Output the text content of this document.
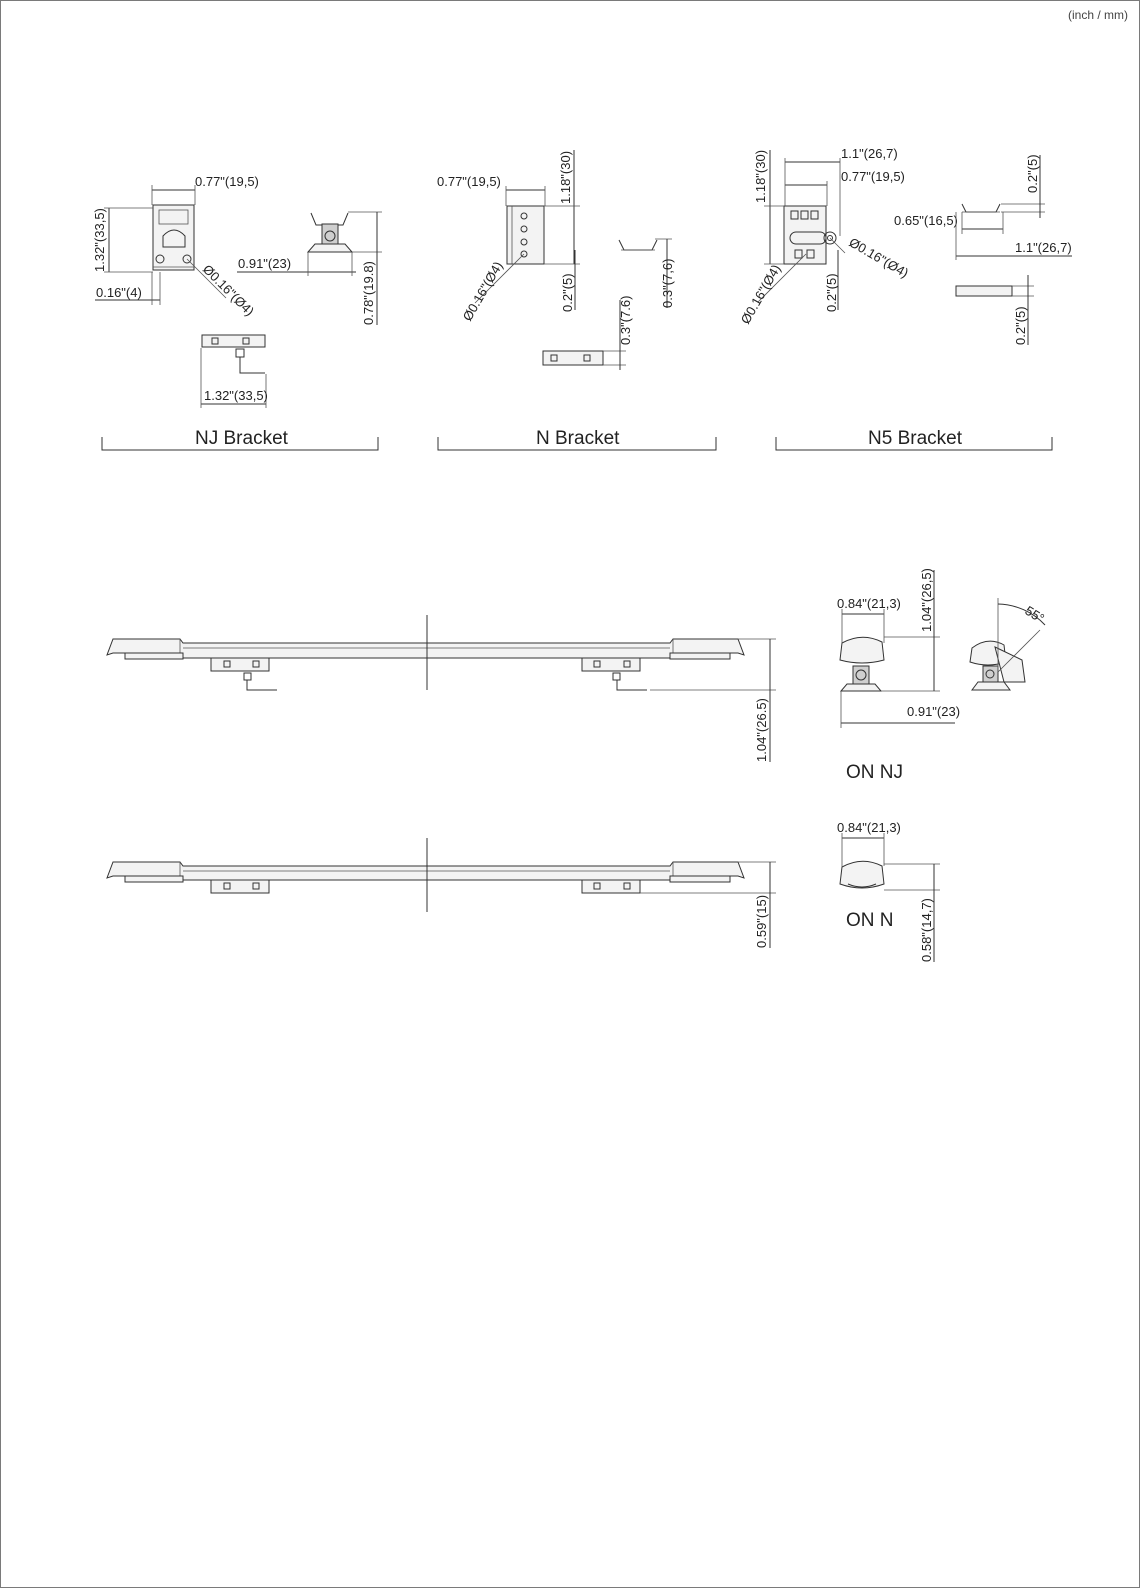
(inch / mm)
0.77"(19,5)
1.32"(33,5)
0.16"(4)	Ø0.16"(Ø4)	0.78"(19.8)
0.91"(23)
1.32"(33,5)
NJ Bracket
0.77"(19,5)	1.18"(30)
Ø0.16"(Ø4)	0.2"(5)	0.3"(7,6)
0.3"(7.6)
N Bracket
1.1"(26,7)
0.77"(19,5)
1.18"(30)
Ø0.16"(Ø4)
Ø0.16"(Ø4)	0.2"(5)
0.2"(5)
0.65"(16,5)
1.1"(26,7)
0.2"(5)
N5 Bracket
1.04"(26.5)
0.84"(21,3) 1.04"(26,5)
0.91"(23)
55°
ON NJ
0.59"(15)
0.84"(21,3)
0.58"(14,7)
ON N
